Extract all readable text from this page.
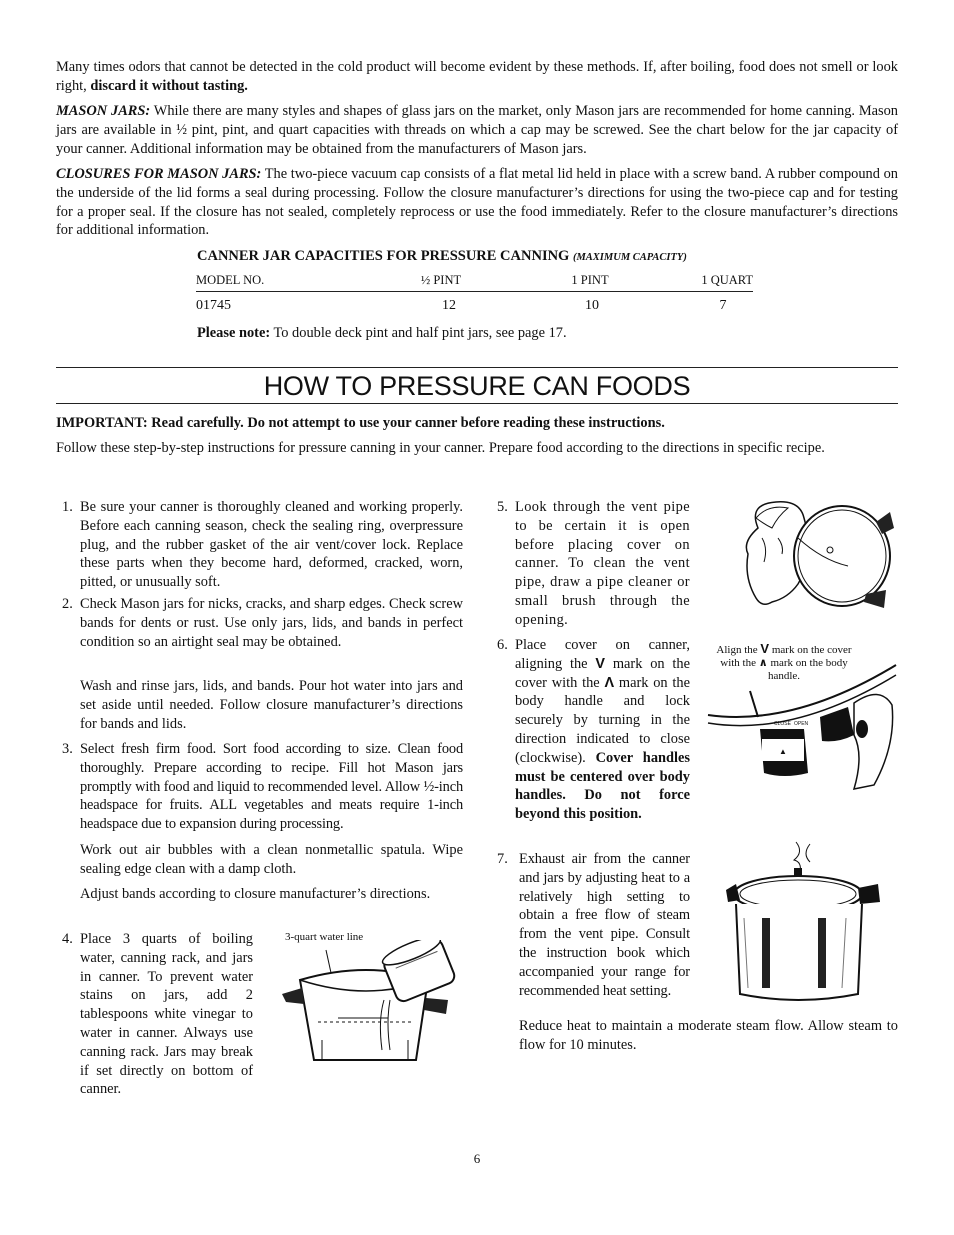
Many times odors that cannot be detected in the cold product will become evident by these methods. If, after boiling, food does not smell or look right, discard it without tasting.

MASON JARS: While there are many styles and shapes of glass jars on the market, only Mason jars are recommended for home canning. Mason jars are available in ½ pint, pint, and quart capacities with threads on which a cap may be screwed. See the chart below for the jar capacity of your canner. Additional information may be obtained from the manufacturers of Mason jars.

CLOSURES FOR MASON JARS: The two-piece vacuum cap consists of a flat metal lid held in place with a screw band. A rubber compound on the underside of the lid forms a seal during processing. Follow the closure manufacturer’s directions for using the two-piece cap and for testing for a proper seal. If the closure has not sealed, completely reprocess or use the food immediately. Refer to the closure manufacturer’s directions for additional information.

CANNER JAR CAPACITIES FOR PRESSURE CANNING (MAXIMUM CAPACITY)
MODEL NO.	½ PINT	1 PINT	1 QUART
01745	12	10	7

Please note: To double deck pint and half pint jars, see page 17.

HOW TO PRESSURE CAN FOODS

IMPORTANT: Read carefully. Do not attempt to use your canner before reading these instructions.

Follow these step-by-step instructions for pressure canning in your canner. Prepare food according to the directions in specific recipe.

1. Be sure your canner is thoroughly cleaned and working properly. Before each canning season, check the sealing ring, overpressure plug, and the rubber gasket of the air vent/cover lock. Replace these parts when they become hard, deformed, cracked, worn, pitted, or unusually soft.

2. Check Mason jars for nicks, cracks, and sharp edges. Check screw bands for dents or rust. Use only jars, lids, and bands in perfect condition so an airtight seal may be obtained.

Wash and rinse jars, lids, and bands. Pour hot water into jars and set aside until needed. Follow closure manufacturer’s directions for bands and lids.

3. Select fresh firm food. Sort food according to size. Clean food thoroughly. Prepare according to recipe. Fill hot Mason jars promptly with food and liquid to recommended level. Allow ½-inch headspace for fruits. ALL vegetables and meats require 1-inch headspace due to expansion during processing.

Work out air bubbles with a clean nonmetallic spatula. Wipe sealing edge clean with a damp cloth.

Adjust bands according to closure manufacturer’s directions.

4. Place 3 quarts of boiling water, canning rack, and jars in canner. To prevent water stains on jars, add 2 tablespoons white vinegar to water in canner. Always use canning rack. Jars may break if set directly on bottom of canner.

3-quart water line
5. Look through the vent pipe to be certain it is open before placing cover on canner. To clean the vent pipe, draw a pipe cleaner or small brush through the opening.

6. Place cover on canner, aligning the V mark on the cover with the Λ mark on the body handle and lock securely by turning in the direction indicated to close (clockwise). Cover handles must be centered over body handles. Do not force beyond this position.

7. Exhaust air from the canner and jars by adjusting heat to a relatively high setting to obtain a free flow of steam from the vent pipe. Consult the instruction book which accompanied your range for recommended heat setting.

Reduce heat to maintain a moderate steam flow. Allow steam to flow for 10 minutes.

Align the V mark on the cover with the ∧ mark on the body handle.
▲
CLOSE OPEN
6
